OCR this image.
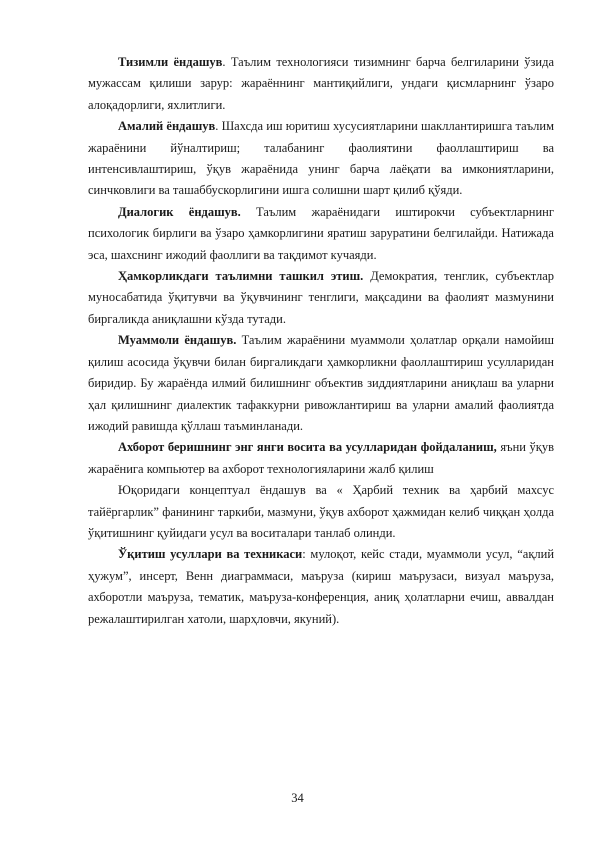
Тизимли ёндашув. Таълим технологияси тизимнинг барча белгиларини ўзида мужассам қилиши зарур: жараённинг мантиқийлиги, ундаги қисмларнинг ўзаро алоқадорлиги, яхлитлиги.

Амалий ёндашув. Шахсда иш юритиш хусусиятларини шакллантиришга таълим жараёнини йўналтириш; талабанинг фаолиятини фаоллаштириш ва интенсивлаштириш, ўқув жараёнида унинг барча лаёқати ва имкониятларини, синчковлиги ва ташаббускорлигини ишга солишни шарт қилиб қўяди.

Диалогик ёндашув. Таълим жараёнидаги иштирокчи субъектларнинг психологик бирлиги ва ўзаро ҳамкорлигини яратиш заруратини белгилайди. Натижада эса, шахснинг ижодий фаоллиги ва тақдимот кучаяди.

Ҳамкорликдаги таълимни ташкил этиш. Демократия, тенглик, субъектлар муносабатида ўқитувчи ва ўқувчининг тенглиги, мақсадини ва фаолият мазмунини биргаликда аниқлашни кўзда тутади.

Муаммоли ёндашув. Таълим жараёнини муаммоли ҳолатлар орқали намойиш қилиш асосида ўқувчи билан биргаликдаги ҳамкорликни фаоллаштириш усулларидан биридир. Бу жараёнда илмий билишнинг объектив зиддиятларини аниқлаш ва уларни ҳал қилишнинг диалектик тафаккурни ривожлантириш ва уларни амалий фаолиятда ижодий равишда қўллаш таъминланади.

Ахборот беришнинг энг янги восита ва усулларидан фойдаланиш, яъни ўқув жараёнига компьютер ва ахборот технологияларини жалб қилиш

Юқоридаги концептуал ёндашув ва « Ҳарбий техник ва ҳарбий махсус тайёргарлик” фанининг таркиби, мазмуни, ўқув ахборот ҳажмидан келиб чиққан ҳолда ўқитишнинг қуйидаги усул ва воситалари танлаб олинди.

Ўқитиш усуллари ва техникаси: мулоқот, кейс стади, муаммоли усул, “ақлий ҳужум”, инсерт, Венн диаграммаси, маъруза (кириш маърузаси, визуал маъруза, ахборотли маъруза, тематик, маъруза-конференция, аниқ ҳолатларни ечиш, аввалдан режалаштирилган хатоли, шарҳловчи, якуний).

34
